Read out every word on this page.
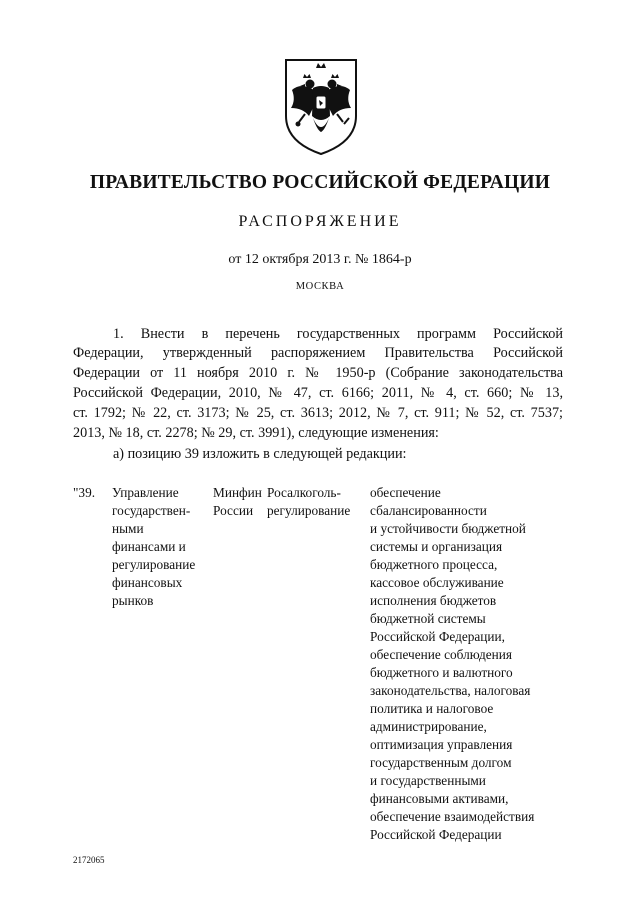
ПРАВИТЕЛЬСТВО РОССИЙСКОЙ ФЕДЕРАЦИИ
РАСПОРЯЖЕНИЕ
от 12 октября 2013 г. № 1864-р
МОСКВА
1. Внести в перечень государственных программ Российской
Федерации, утвержденный распоряжением Правительства Российской
Федерации от 11 ноября 2010 г. № 1950-р (Собрание законодательства
Российской Федерации, 2010, № 47, ст. 6166; 2011, № 4, ст. 660; № 13,
ст. 1792; № 22, ст. 3173; № 25, ст. 3613; 2012, № 7, ст. 911; № 52, ст. 7537;
2013, № 18, ст. 2278; № 29, ст. 3991), следующие изменения:
а) позицию 39 изложить в следующей редакции:
"39. Управление
государствен-
ными
финансами и
регулирование
финансовых
рынков
Минфин
России
Росалкоголь-
регулирование
обеспечение
сбалансированности
и устойчивости бюджетной
системы и организация
бюджетного процесса,
кассовое обслуживание
исполнения бюджетов
бюджетной системы
Российской Федерации,
обеспечение соблюдения
бюджетного и валютного
законодательства, налоговая
политика и налоговое
администрирование,
оптимизация управления
государственным долгом
и государственными
финансовыми активами,
обеспечение взаимодействия
Российской Федерации
2172065
